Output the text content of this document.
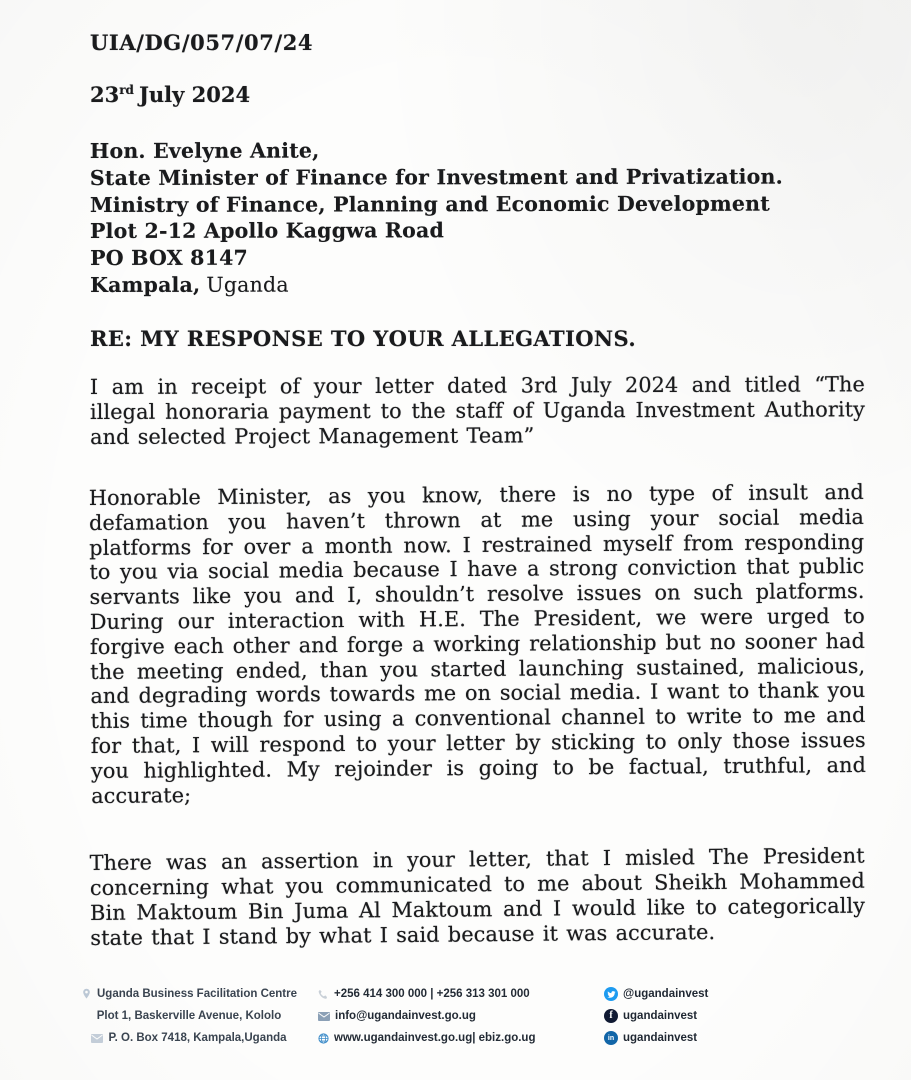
UIA/DG/057/07/24
23rd July 2024
Hon. Evelyne Anite,
State Minister of Finance for Investment and Privatization.
Ministry of Finance, Planning and Economic Development
Plot 2-12 Apollo Kaggwa Road
PO BOX 8147
Kampala, Uganda
RE: MY RESPONSE TO YOUR ALLEGATIONS.

I am in receipt of your letter dated 3rd July 2024 and titled “The illegal honoraria payment to the staff of Uganda Investment Authority and selected Project Management Team”

Honorable Minister, as you know, there is no type of insult and defamation you haven’t thrown at me using your social media platforms for over a month now. I restrained myself from responding to you via social media because I have a strong conviction that public servants like you and I, shouldn’t resolve issues on such platforms. During our interaction with H.E. The President, we were urged to forgive each other and forge a working relationship but no sooner had the meeting ended, than you started launching sustained, malicious, and degrading words towards me on social media. I want to thank you this time though for using a conventional channel to write to me and for that, I will respond to your letter by sticking to only those issues you highlighted. My rejoinder is going to be factual, truthful, and accurate;

There was an assertion in your letter, that I misled The President concerning what you communicated to me about Sheikh Mohammed Bin Maktoum Bin Juma Al Maktoum and I would like to categorically state that I stand by what I said because it was accurate.

Uganda Business Facilitation Centre
Plot 1, Baskerville Avenue, Kololo
P. O. Box 7418, Kampala,Uganda
+256 414 300 000 | +256 313 301 000
info@ugandainvest.go.ug
www.ugandainvest.go.ug| ebiz.go.ug
@ugandainvest
f ugandainvest
in ugandainvest
